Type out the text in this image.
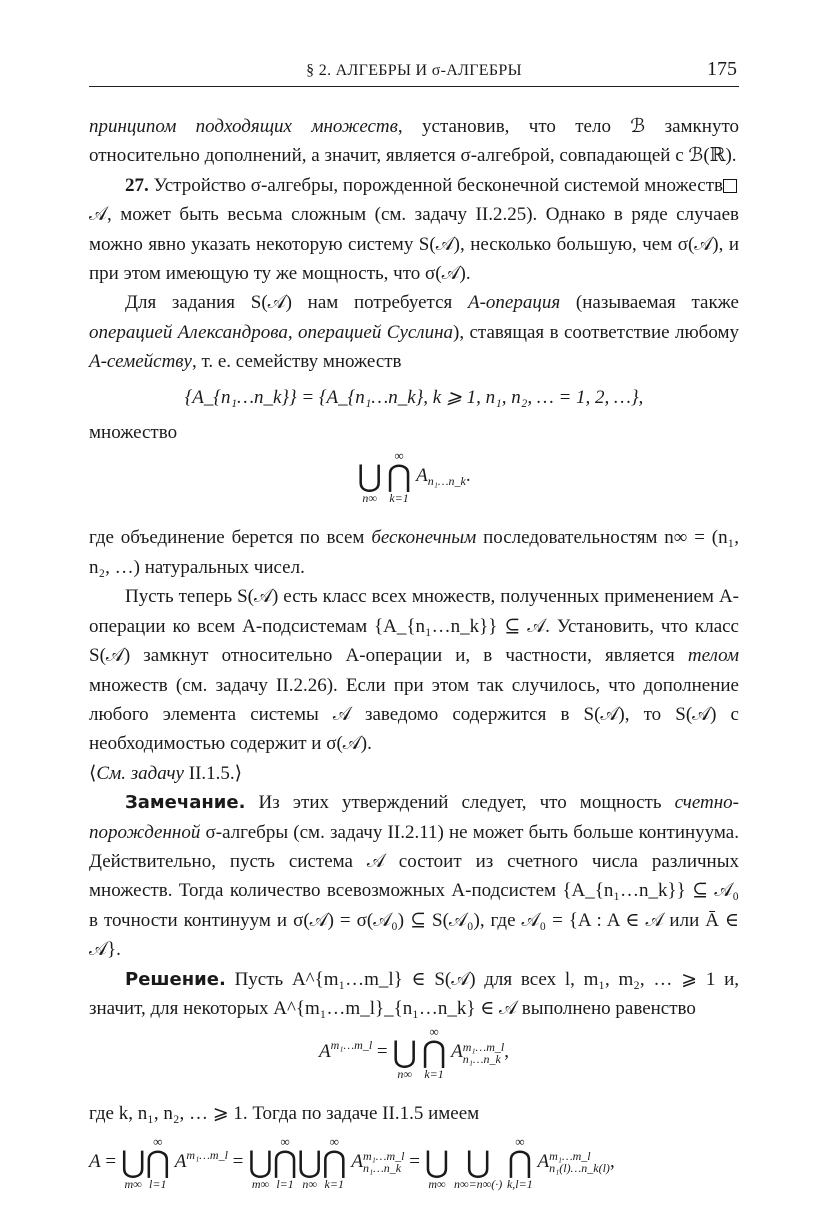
§ 2. АЛГЕБРЫ И σ-АЛГЕБРЫ	175

принципом подходящих множеств, установив, что тело ℬ замкнуто относительно дополнений, а значит, является σ-алгеброй, совпадающей с ℬ(ℝ).

27. Устройство σ-алгебры, порожденной бесконечной системой множеств 𝒜, может быть весьма сложным (см. задачу II.2.25). Однако в ряде случаев можно явно указать некоторую систему S(𝒜), несколько большую, чем σ(𝒜), и при этом имеющую ту же мощность, что σ(𝒜).

Для задания S(𝒜) нам потребуется A-операция (называемая также операцией Александрова, операцией Суслина), ставящая в соответствие любому A-семейству, т. е. семейству множеств

{A_{n₁…n_k}} = {A_{n₁…n_k}, k ⩾ 1, n₁, n₂, … = 1, 2, …},

множество

⋃
n∞

∞
⋂
k=1
$A_{n_1\dots n\_k}$.

где объединение берется по всем бесконечным последовательностям n∞ = (n₁, n₂, …) натуральных чисел.

Пусть теперь S(𝒜) есть класс всех множеств, полученных применением A-операции ко всем A-подсистемам {A_{n₁…n_k}} ⊆ 𝒜. Установить, что класс S(𝒜) замкнут относительно A-операции и, в частности, является телом множеств (см. задачу II.2.26). Если при этом так случилось, что дополнение любого элемента системы 𝒜 заведомо содержится в S(𝒜), то S(𝒜) с необходимостью содержит и σ(𝒜).

⟨См. задачу II.1.5.⟩

Замечание. Из этих утверждений следует, что мощность счетно-порожденной σ-алгебры (см. задачу II.2.11) не может быть больше континуума. Действительно, пусть система 𝒜 состоит из счетного числа различных множеств. Тогда количество всевозможных A-подсистем {A_{n₁…n_k}} ⊆ 𝒜₀ в точности континуум и σ(𝒜) = σ(𝒜₀) ⊆ S(𝒜₀), где 𝒜₀ = {A : A ∈ 𝒜 или Ā ∈ 𝒜}.

Решение. Пусть A^{m₁…m_l} ∈ S(𝒜) для всех l, m₁, m₂, … ⩾ 1 и, значит, для некоторых A^{m₁…m_l}_{n₁…n_k} ∈ 𝒜 выполнено равенство

$A^{m_1\dots m\_l}$ = ⋃
n∞

∞
⋂
k=1
A m₁…m_l
n₁…n_k ,

где k, n₁, n₂, … ⩾ 1. Тогда по задаче II.1.5 имеем

A = ⋃
m∞
∞
⋂
l=1
$A^{m_1\dots m\_l}$ = ⋃
m∞
∞
⋂
l=1
⋃
n∞
∞
⋂
k=1
A m₁…m_l
n₁…n_k = ⋃
m∞

⋃
n∞=n∞(·)

∞
⋂
k,l=1
A m₁…m_l
n₁(l)…n_k(l) ,
